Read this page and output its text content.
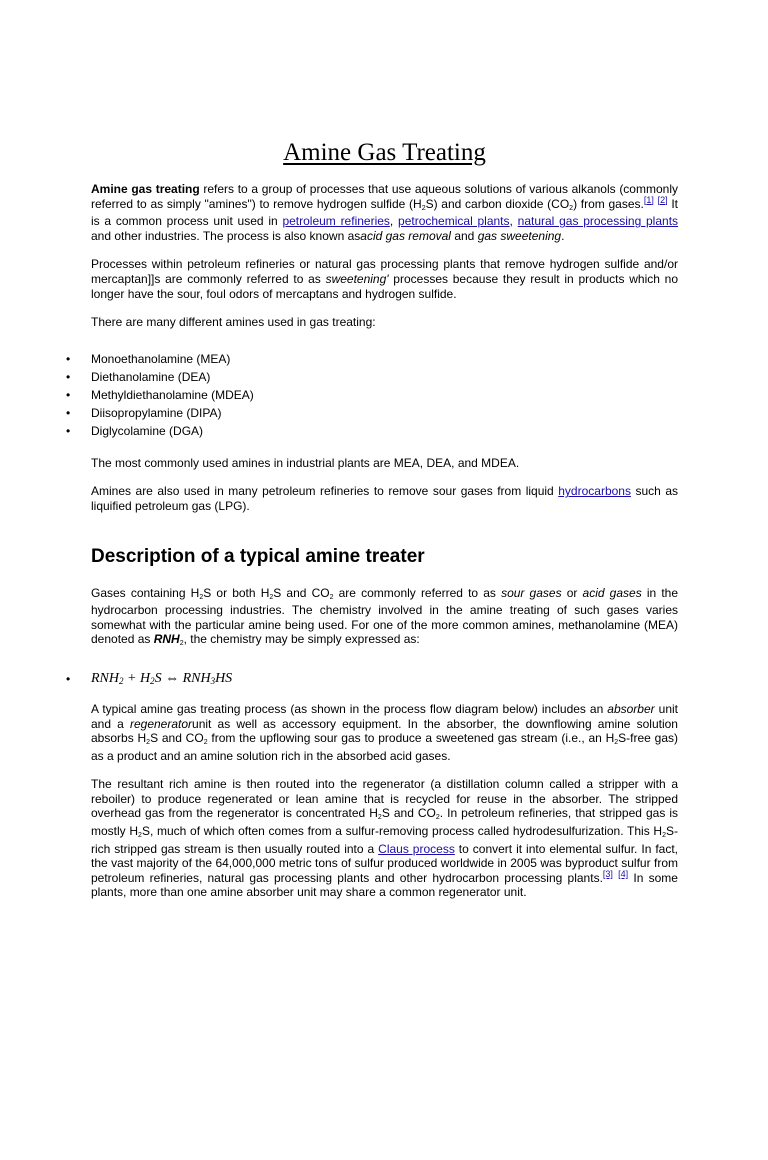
Amine Gas Treating

Amine gas treating refers to a group of processes that use aqueous solutions of various alkanols (commonly referred to as simply "amines") to remove hydrogen sulfide (H2S) and carbon dioxide (CO2) from gases.[1] [2] It is a common process unit used in petroleum refineries, petrochemical plants, natural gas processing plants and other industries. The process is also known asacid gas removal and gas sweetening.

Processes within petroleum refineries or natural gas processing plants that remove hydrogen sulfide and/or mercaptan]]s are commonly referred to as sweetening' processes because they result in products which no longer have the sour, foul odors of mercaptans and hydrogen sulfide.

There are many different amines used in gas treating:

• Monoethanolamine (MEA)
• Diethanolamine (DEA)
• Methyldiethanolamine (MDEA)
• Diisopropylamine (DIPA)
• Diglycolamine (DGA)

The most commonly used amines in industrial plants are MEA, DEA, and MDEA.

Amines are also used in many petroleum refineries to remove sour gases from liquid hydrocarbons such as liquified petroleum gas (LPG).

Description of a typical amine treater

Gases containing H2S or both H2S and CO2 are commonly referred to as sour gases or acid gases in the hydrocarbon processing industries. The chemistry involved in the amine treating of such gases varies somewhat with the particular amine being used. For one of the more common amines, methanolamine (MEA) denoted as RNH2, the chemistry may be simply expressed as:

• $RNH_2 + H_2S$ ⇔ $RNH_3HS$

A typical amine gas treating process (as shown in the process flow diagram below) includes an absorber unit and a regeneratorunit as well as accessory equipment. In the absorber, the downflowing amine solution absorbs H2S and CO2 from the upflowing sour gas to produce a sweetened gas stream (i.e., an H2S-free gas) as a product and an amine solution rich in the absorbed acid gases.

The resultant rich amine is then routed into the regenerator (a distillation column called a stripper with a reboiler) to produce regenerated or lean amine that is recycled for reuse in the absorber. The stripped overhead gas from the regenerator is concentrated H2S and CO2. In petroleum refineries, that stripped gas is mostly H2S, much of which often comes from a sulfur-removing process called hydrodesulfurization. This H2S-rich stripped gas stream is then usually routed into a Claus process to convert it into elemental sulfur. In fact, the vast majority of the 64,000,000 metric tons of sulfur produced worldwide in 2005 was byproduct sulfur from petroleum refineries, natural gas processing plants and other hydrocarbon processing plants.[3] [4] In some plants, more than one amine absorber unit may share a common regenerator unit.
